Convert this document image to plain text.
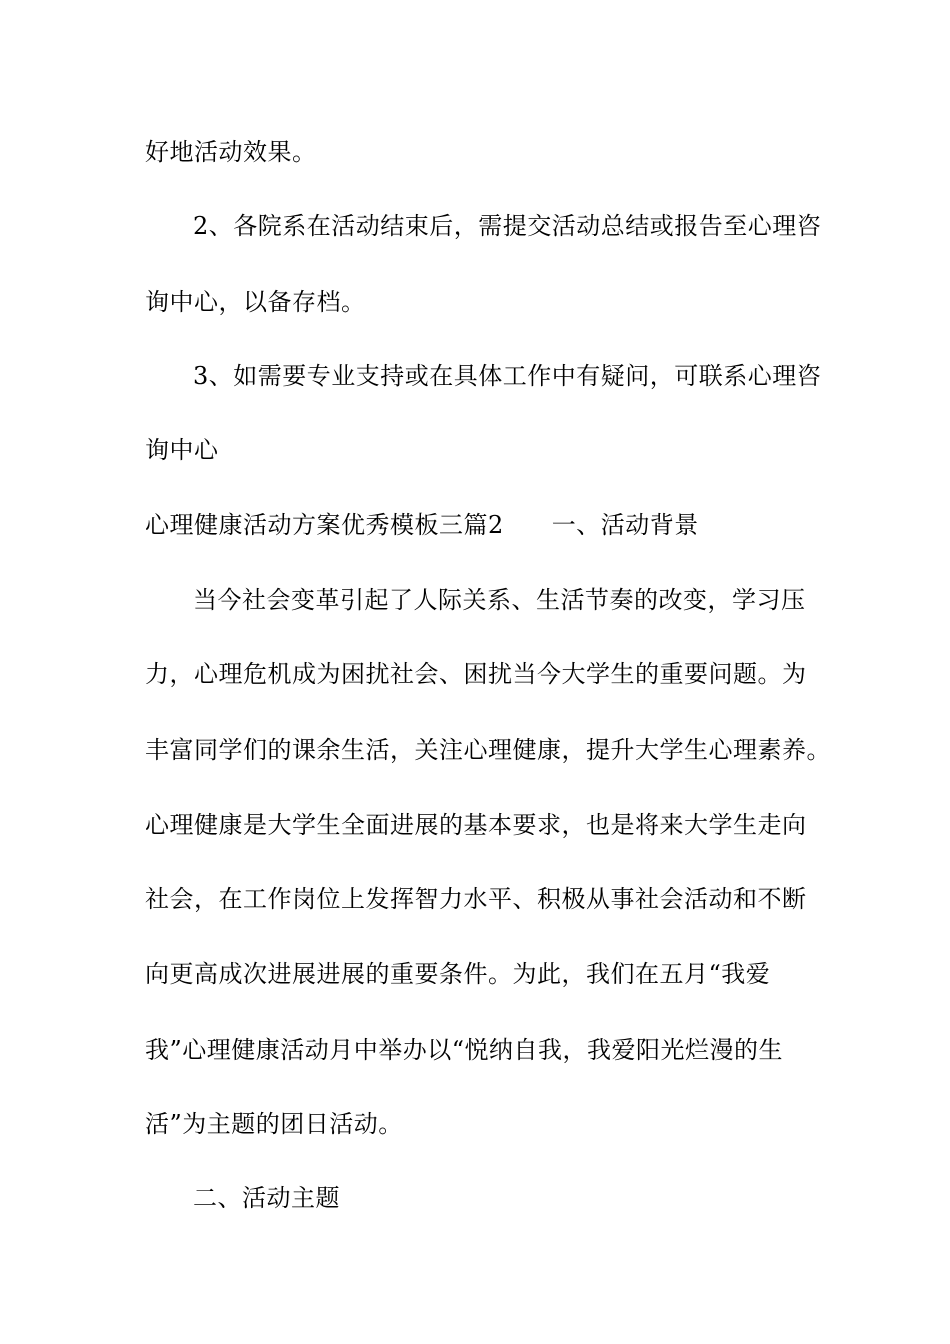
好地活动效果。
2、各院系在活动结束后，需提交活动总结或报告至心理咨
询中心，以备存档。
3、如需要专业支持或在具体工作中有疑问，可联系心理咨
询中心
心理健康活动方案优秀模板三篇2 一、活动背景
当今社会变革引起了人际关系、生活节奏的改变，学习压
力，心理危机成为困扰社会、困扰当今大学生的重要问题。为
丰富同学们的课余生活，关注心理健康，提升大学生心理素养。
心理健康是大学生全面进展的基本要求，也是将来大学生走向
社会，在工作岗位上发挥智力水平、积极从事社会活动和不断
向更高成次进展进展的重要条件。为此，我们在五月“我爱
我”心理健康活动月中举办以“悦纳自我，我爱阳光烂漫的生
活”为主题的团日活动。
二、活动主题
